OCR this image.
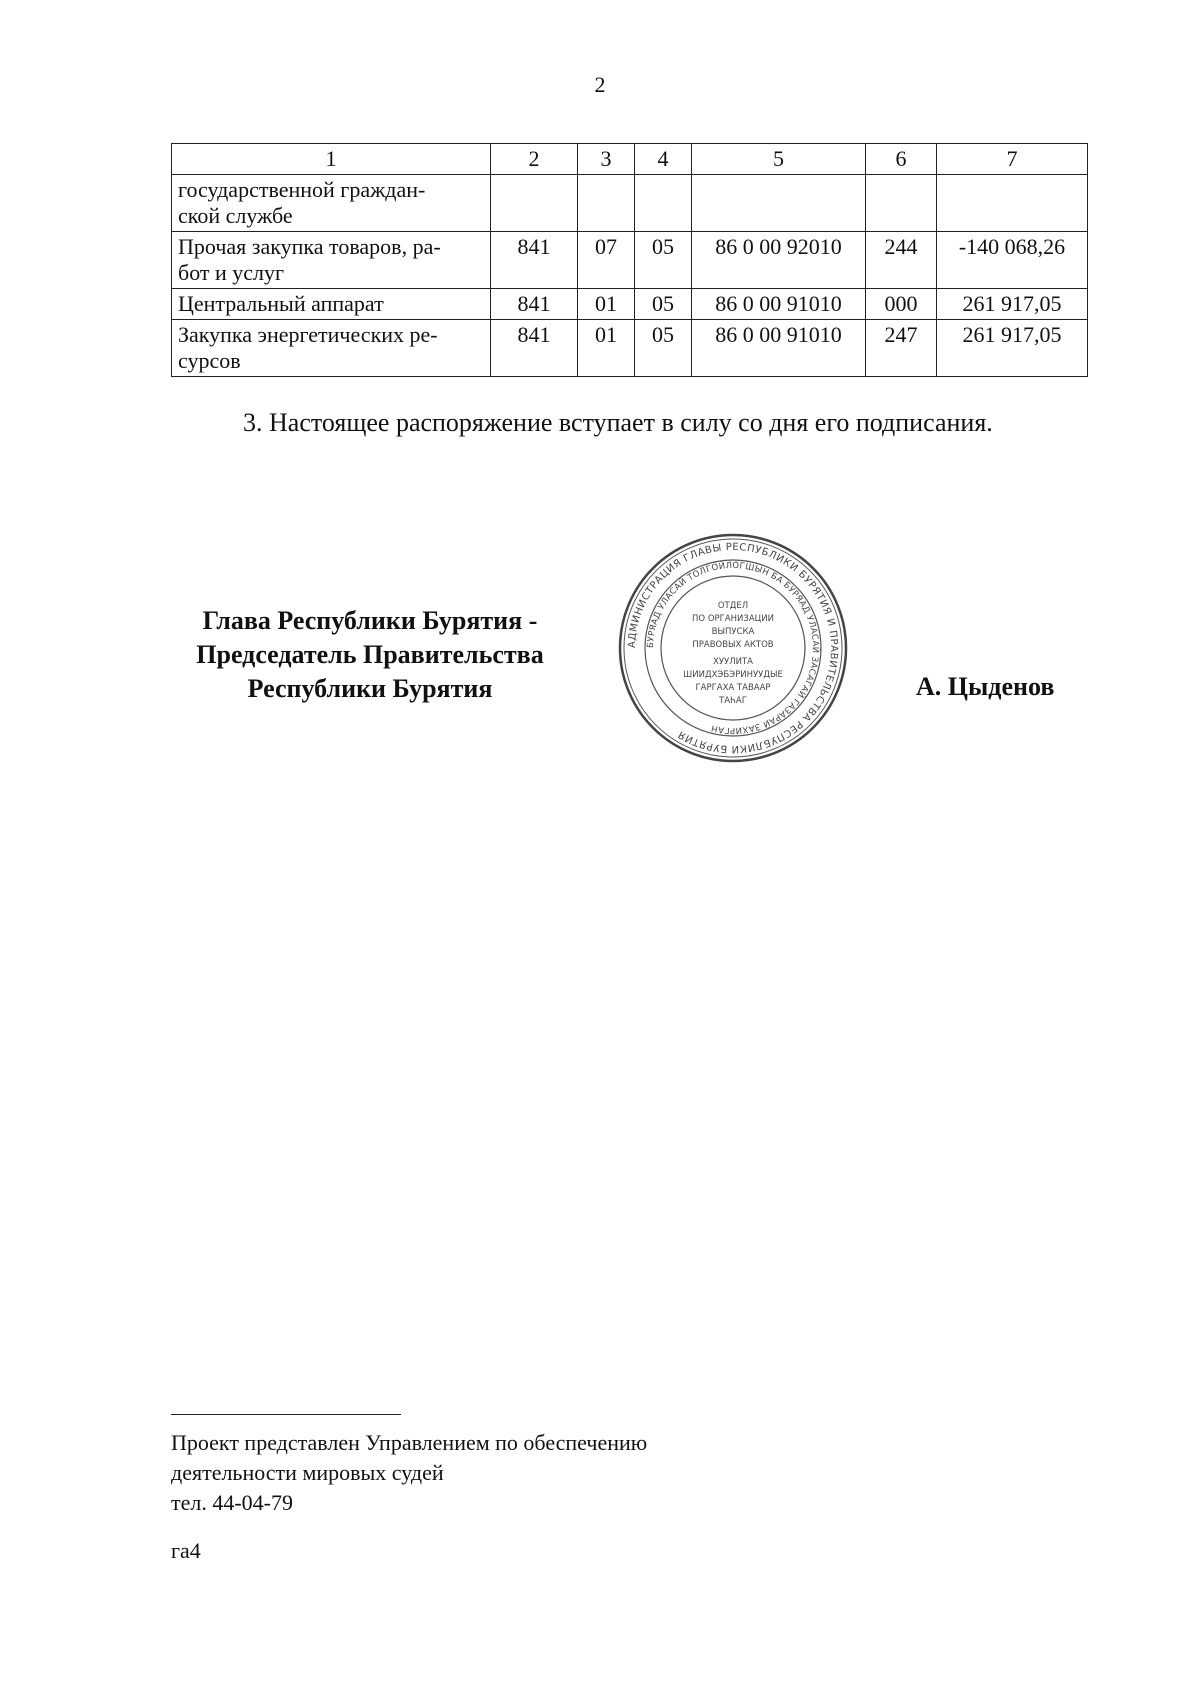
2
1	2	3	4	5	6	7
государственной граждан-
ской службе						
Прочая закупка товаров, ра-
бот и услуг	841	07	05	86 0 00 92010	244	-140 068,26
Центральный аппарат	841	01	05	86 0 00 91010	000	261 917,05
Закупка энергетических ре-
сурсов	841	01	05	86 0 00 91010	247	261 917,05
3. Настоящее распоряжение вступает в силу со дня его подписания.
Глава Республики Бурятия -
Председатель Правительства
Республики Бурятия
АДМИНИСТРАЦИЯ ГЛАВЫ РЕСПУБЛИКИ БУРЯТИЯ И ПРАВИТЕЛЬСТВА РЕСПУБЛИКИ БУРЯТИЯ
БУРЯАД УЛАСАЙ ТОЛГОЙЛОГШЫН БА БУРЯАД УЛАСАЙ ЗАСАГАЙ ГАЗАРАЙ ЗАХИРГАН
ОТДЕЛ
ПО ОРГАНИЗАЦИИ
ВЫПУСКА
ПРАВОВЫХ АКТОВ
ХУУЛИТА
ШИИДХЭБЭРИНУУДЫЕ
ГАРГАХА ТАВААР
ТАҺАГ	А. Цыденов
Проект представлен Управлением по обеспечению
деятельности мировых судей
тел. 44-04-79
га4
